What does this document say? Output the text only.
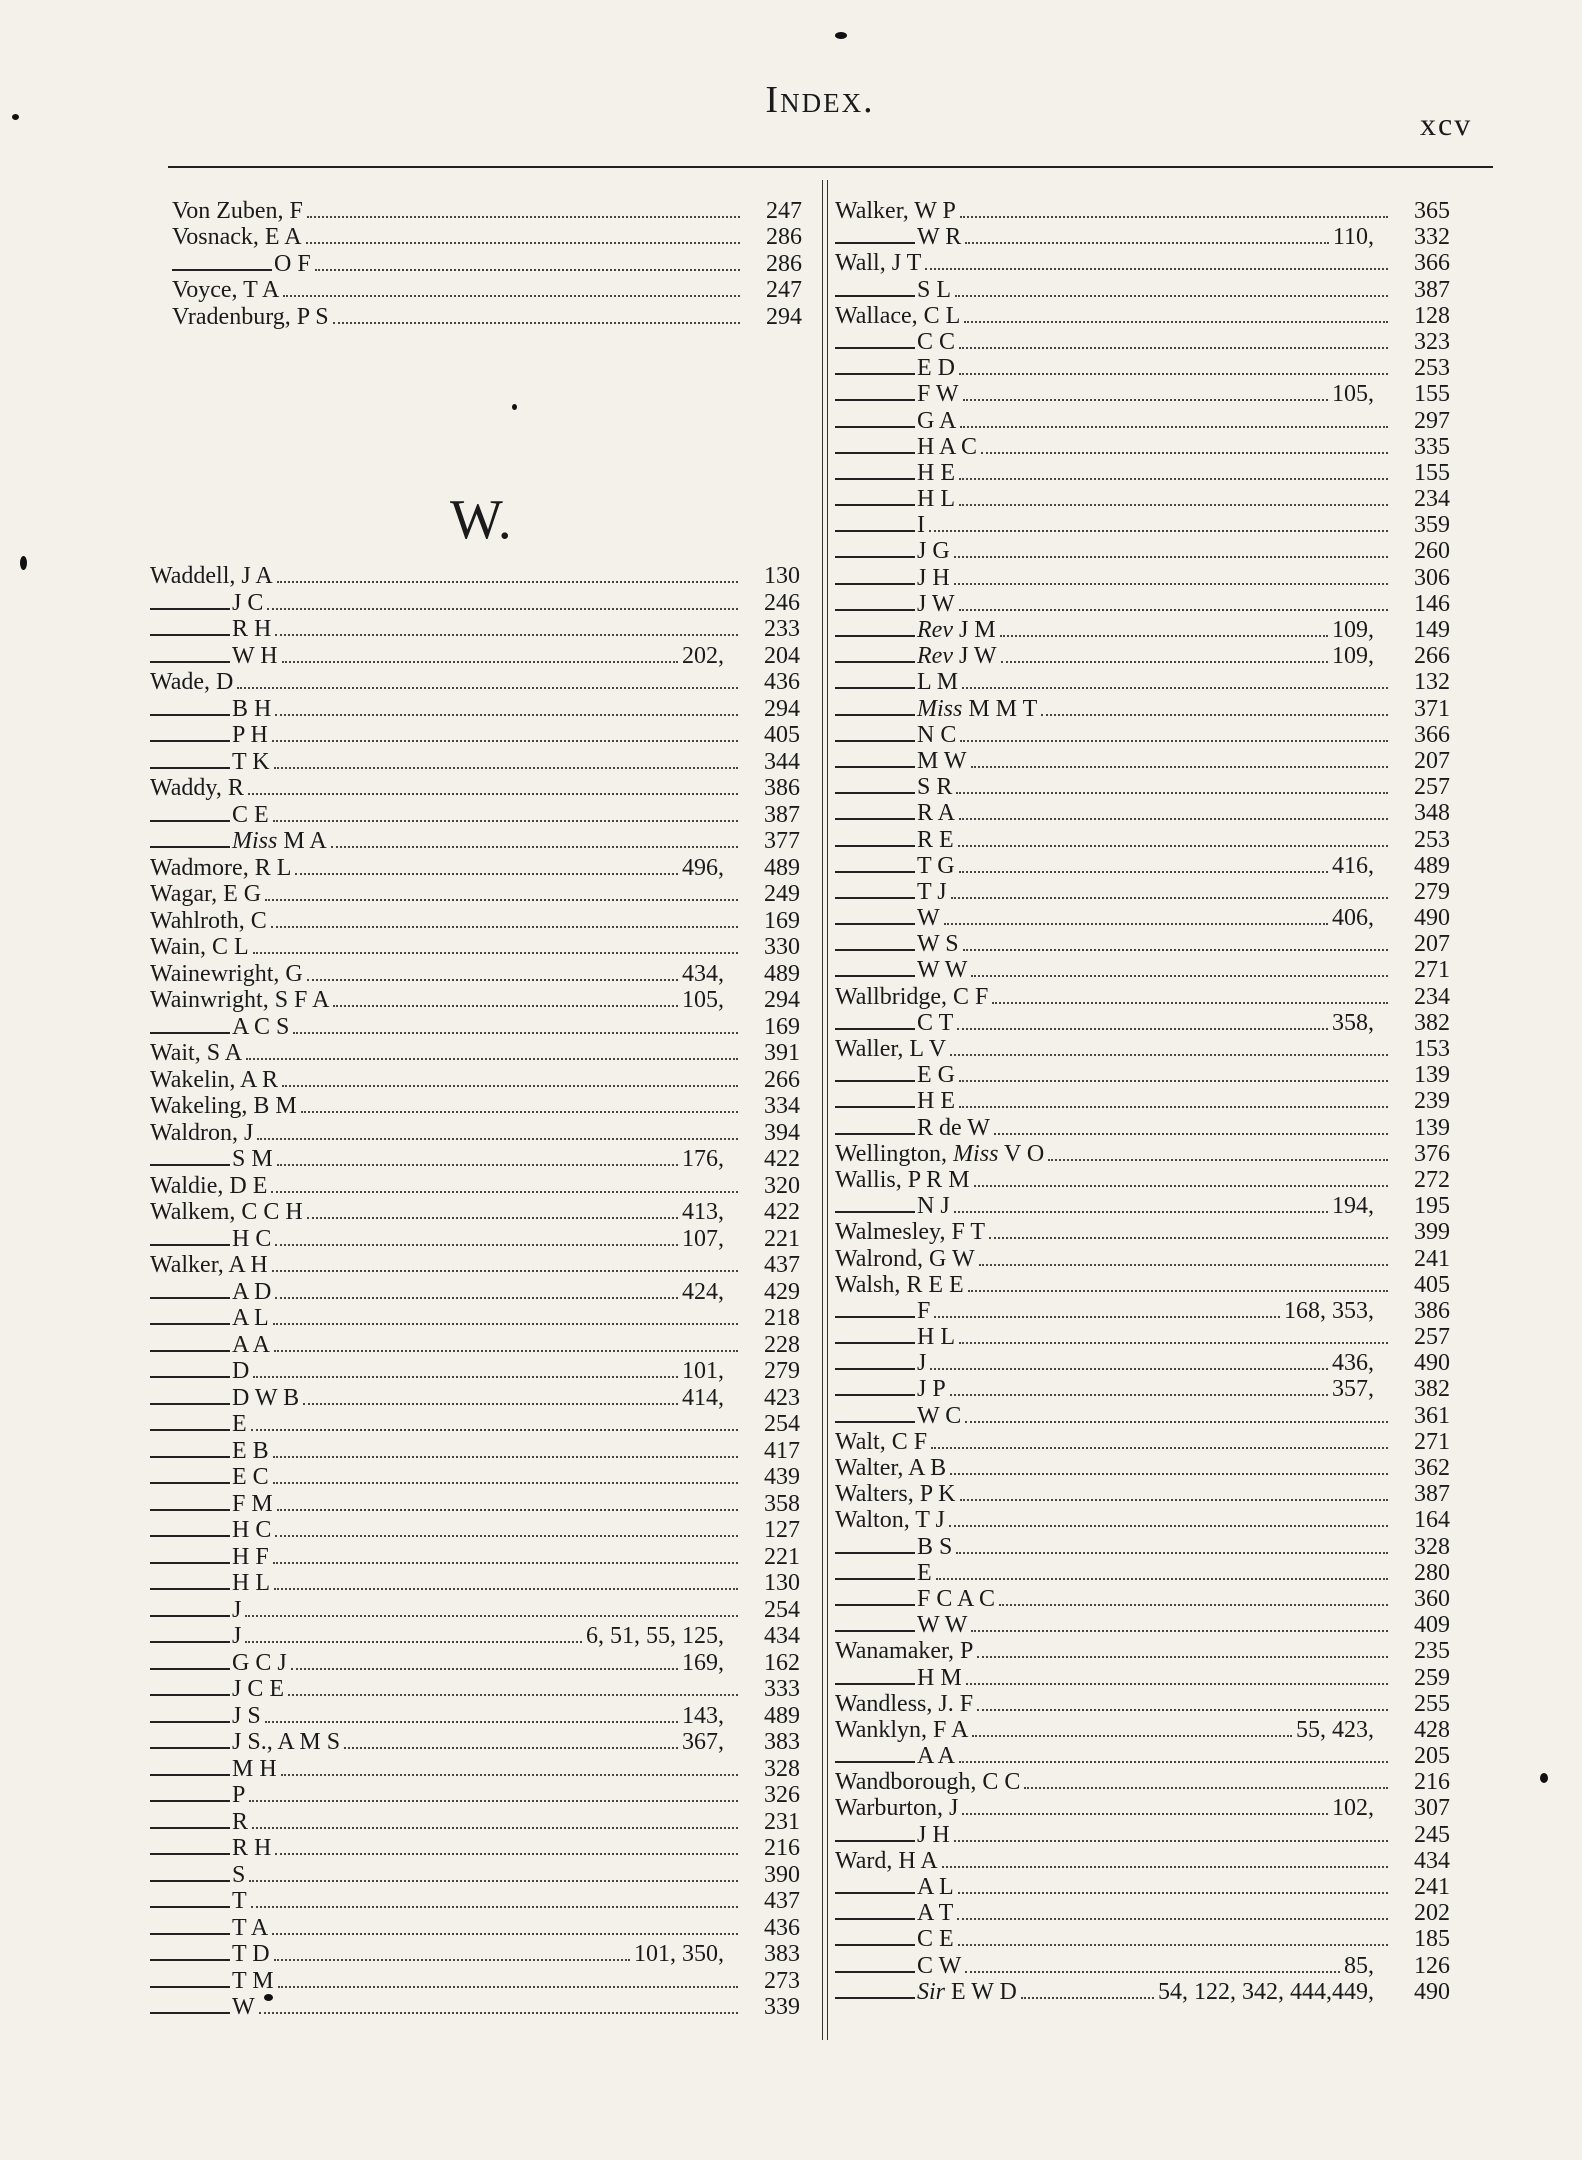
Index.
xcv
Von Zuben, F	247
Vosnack, E A	286
O F	286
Voyce, T A	247
Vradenburg, P S	294
W.
Waddell, J A	130
J C	246
R H	233
W H	202,	204
Wade, D	436
B H	294
P H	405
T K	344
Waddy, R	386
C E	387
Miss M A	377
Wadmore, R L	496,	489
Wagar, E G	249
Wahlroth, C	169
Wain, C L	330
Wainewright, G	434,	489
Wainwright, S F A	105,	294
A C S	169
Wait, S A	391
Wakelin, A R	266
Wakeling, B M	334
Waldron, J	394
S M	176,	422
Waldie, D E	320
Walkem, C C H	413,	422
H C	107,	221
Walker, A H	437
A D	424,	429
A L	218
A A	228
D	101,	279
D W B	414,	423
E	254
E B	417
E C	439
F M	358
H C	127
H F	221
H L	130
J	254
J	6, 51, 55, 125,	434
G C J	169,	162
J C E	333
J S	143,	489
J S., A M S	367,	383
M H	328
P	326
R	231
R H	216
S	390
T	437
T A	436
T D	101, 350,	383
T M	273
W	339
Walker, W P	365
W R	110,	332
Wall, J T	366
S L	387
Wallace, C L	128
C C	323
E D	253
F W	105,	155
G A	297
H A C	335
H E	155
H L	234
I	359
J G	260
J H	306
J W	146
Rev J M	109,	149
Rev J W	109,	266
L M	132
Miss M M T	371
N C	366
M W	207
S R	257
R A	348
R E	253
T G	416,	489
T J	279
W	406,	490
W S	207
W W	271
Wallbridge, C F	234
C T	358,	382
Waller, L V	153
E G	139
H E	239
R de W	139
Wellington, Miss V O	376
Wallis, P R M	272
N J	194,	195
Walmesley, F T	399
Walrond, G W	241
Walsh, R E E	405
F	168, 353,	386
H L	257
J	436,	490
J P	357,	382
W C	361
Walt, C F	271
Walter, A B	362
Walters, P K	387
Walton, T J	164
B S	328
E	280
F C A C	360
W W	409
Wanamaker, P	235
H M	259
Wandless, J. F	255
Wanklyn, F A	55, 423,	428
A A	205
Wandborough, C C	216
Warburton, J	102,	307
J H	245
Ward, H A	434
A L	241
A T	202
C E	185
C W	85,	126
Sir E W D	54, 122, 342, 444,449,	490
